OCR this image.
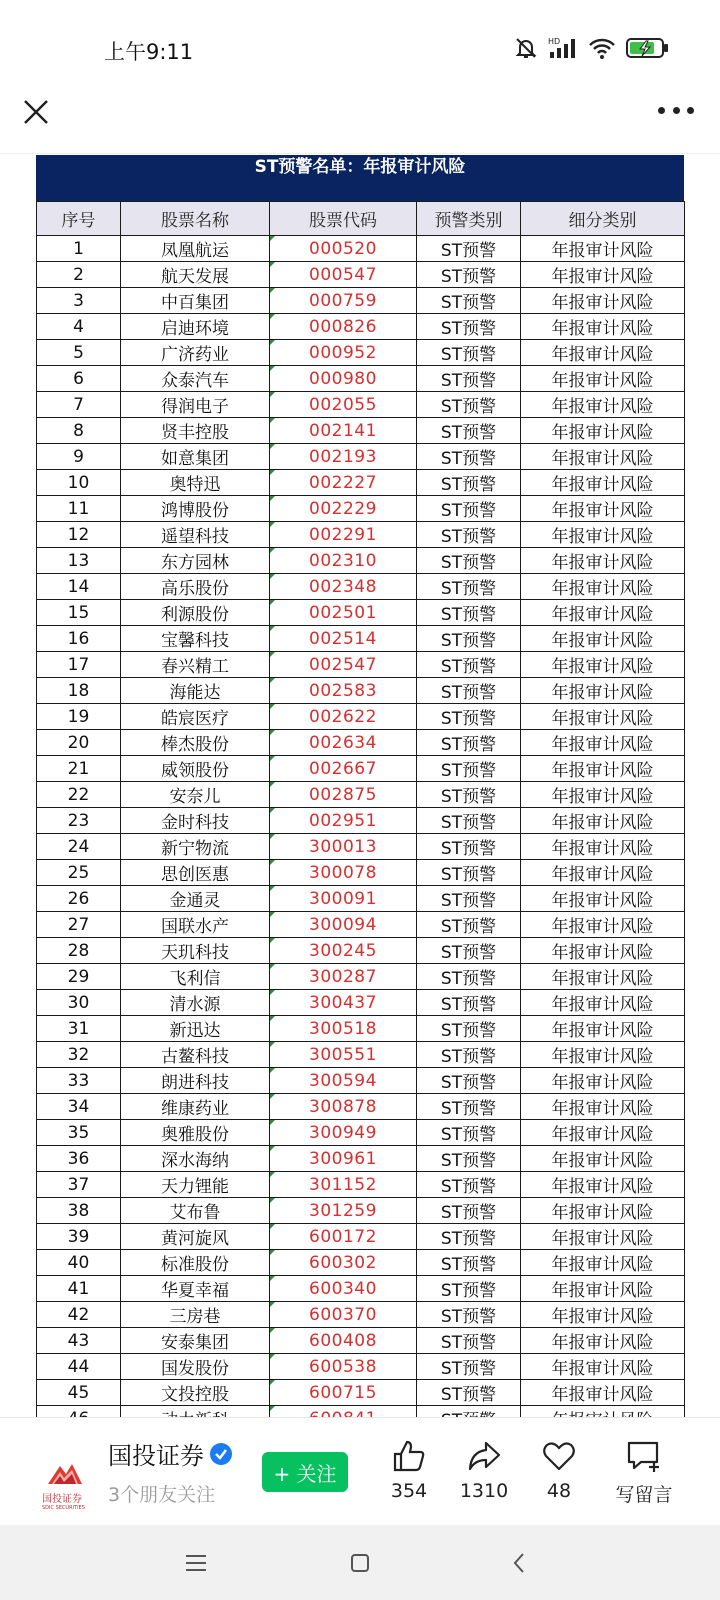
上午9:11	HD
ST预警名单：年报审计风险
序号	股票名称	股票代码	预警类别	细分类别
1	凤凰航运	000520	ST预警	年报审计风险
2	航天发展	000547	ST预警	年报审计风险
3	中百集团	000759	ST预警	年报审计风险
4	启迪环境	000826	ST预警	年报审计风险
5	广济药业	000952	ST预警	年报审计风险
6	众泰汽车	000980	ST预警	年报审计风险
7	得润电子	002055	ST预警	年报审计风险
8	贤丰控股	002141	ST预警	年报审计风险
9	如意集团	002193	ST预警	年报审计风险
10	奥特迅	002227	ST预警	年报审计风险
11	鸿博股份	002229	ST预警	年报审计风险
12	遥望科技	002291	ST预警	年报审计风险
13	东方园林	002310	ST预警	年报审计风险
14	高乐股份	002348	ST预警	年报审计风险
15	利源股份	002501	ST预警	年报审计风险
16	宝馨科技	002514	ST预警	年报审计风险
17	春兴精工	002547	ST预警	年报审计风险
18	海能达	002583	ST预警	年报审计风险
19	皓宸医疗	002622	ST预警	年报审计风险
20	棒杰股份	002634	ST预警	年报审计风险
21	威领股份	002667	ST预警	年报审计风险
22	安奈儿	002875	ST预警	年报审计风险
23	金时科技	002951	ST预警	年报审计风险
24	新宁物流	300013	ST预警	年报审计风险
25	思创医惠	300078	ST预警	年报审计风险
26	金通灵	300091	ST预警	年报审计风险
27	国联水产	300094	ST预警	年报审计风险
28	天玑科技	300245	ST预警	年报审计风险
29	飞利信	300287	ST预警	年报审计风险
30	清水源	300437	ST预警	年报审计风险
31	新迅达	300518	ST预警	年报审计风险
32	古鳌科技	300551	ST预警	年报审计风险
33	朗进科技	300594	ST预警	年报审计风险
34	维康药业	300878	ST预警	年报审计风险
35	奥雅股份	300949	ST预警	年报审计风险
36	深水海纳	300961	ST预警	年报审计风险
37	天力锂能	301152	ST预警	年报审计风险
38	艾布鲁	301259	ST预警	年报审计风险
39	黄河旋风	600172	ST预警	年报审计风险
40	标准股份	600302	ST预警	年报审计风险
41	华夏幸福	600340	ST预警	年报审计风险
42	三房巷	600370	ST预警	年报审计风险
43	安泰集团	600408	ST预警	年报审计风险
44	国发股份	600538	ST预警	年报审计风险
45	文投控股	600715	ST预警	年报审计风险

国投证券
SDIC SECURITIES
国投证券
3个朋友关注
+ 关注
354	1310	48	写留言
